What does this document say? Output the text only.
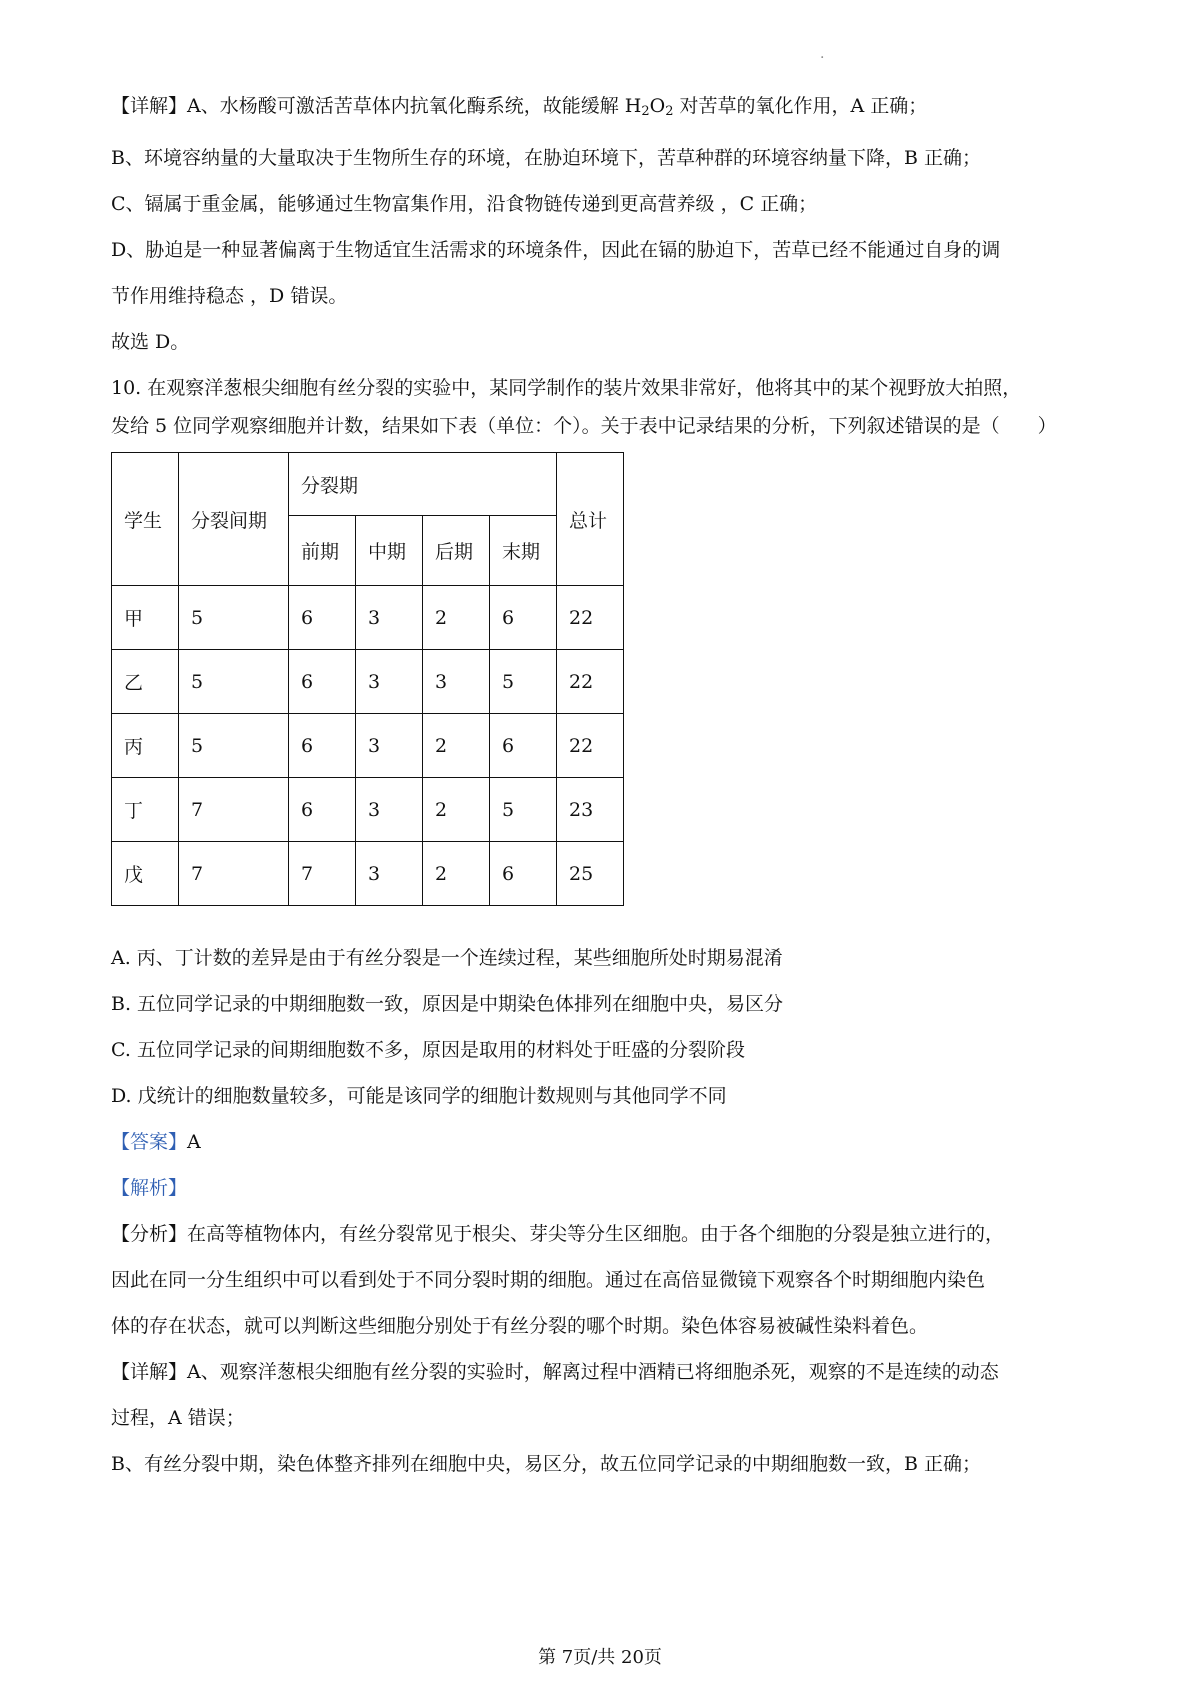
·

【详解】A、水杨酸可激活苦草体内抗氧化酶系统，故能缓解 $H_2O_2$ 对苦草的氧化作用，A 正确；

B、环境容纳量的大量取决于生物所生存的环境，在胁迫环境下，苦草种群的环境容纳量下降，B 正确；

C、镉属于重金属，能够通过生物富集作用，沿食物链传递到更高营养级 ，C 正确；

D、胁迫是一种显著偏离于生物适宜生活需求的环境条件，因此在镉的胁迫下，苦草已经不能通过自身的调

节作用维持稳态 ，D 错误。

故选 D。

10. 在观察洋葱根尖细胞有丝分裂的实验中，某同学制作的装片效果非常好，他将其中的某个视野放大拍照，

发给 5 位同学观察细胞并计数，结果如下表（单位：个）。关于表中记录结果的分析，下列叙述错误的是（　　）

学生	分裂间期	分裂期				总计
		前期	中期	后期	末期	
甲	5	6	3	2	6	22
乙	5	6	3	3	5	22
丙	5	6	3	2	6	22
丁	7	6	3	2	5	23
戊	7	7	3	2	6	25

A. 丙、丁计数的差异是由于有丝分裂是一个连续过程，某些细胞所处时期易混淆

B. 五位同学记录的中期细胞数一致，原因是中期染色体排列在细胞中央，易区分

C. 五位同学记录的间期细胞数不多，原因是取用的材料处于旺盛的分裂阶段

D. 戊统计的细胞数量较多，可能是该同学的细胞计数规则与其他同学不同

【答案】A

【解析】

【分析】在高等植物体内，有丝分裂常见于根尖、芽尖等分生区细胞。由于各个细胞的分裂是独立进行的，

因此在同一分生组织中可以看到处于不同分裂时期的细胞。通过在高倍显微镜下观察各个时期细胞内染色

体的存在状态，就可以判断这些细胞分别处于有丝分裂的哪个时期。染色体容易被碱性染料着色。

【详解】A、观察洋葱根尖细胞有丝分裂的实验时，解离过程中酒精已将细胞杀死，观察的不是连续的动态

过程，A 错误；

B、有丝分裂中期，染色体整齐排列在细胞中央，易区分，故五位同学记录的中期细胞数一致，B 正确；

第 7页/共 20页
